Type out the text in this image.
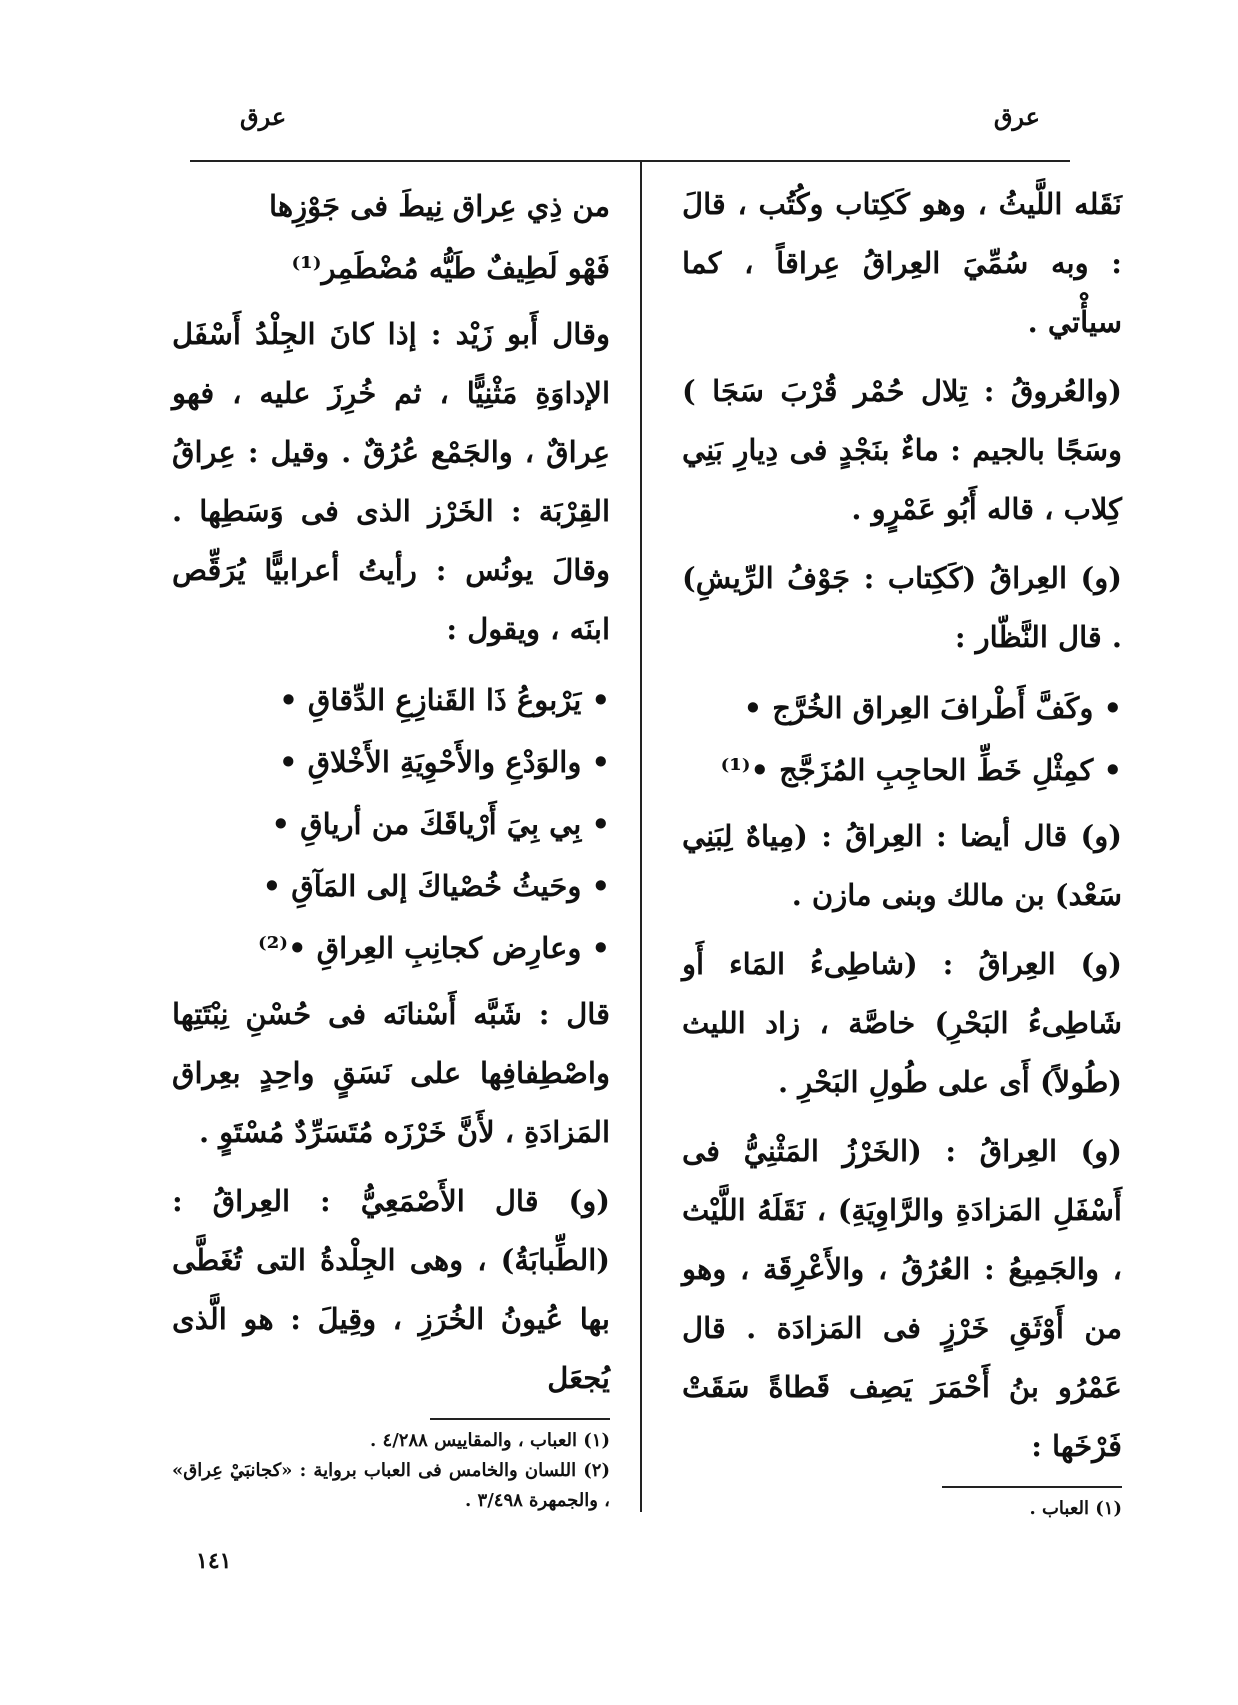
عرق
عرق

نَقَله اللَّيثُ ، وهو كَكِتاب وكُتُب ، قالَ : وبه سُمِّيَ العِراقُ عِراقاً ، كما سيأْتي .

(والعُروقُ : تِلال حُمْر قُرْبَ سَجَا ) وسَجًا بالجيم : ماءٌ بنَجْدٍ فى دِيارِ بَنِي كِلاب ، قاله أَبُو عَمْرٍو .

(و) العِراقُ (كَكِتاب : جَوْفُ الرِّيشِ) . قال النَّظّار :

• وكَفَّ أَطْرافَ العِراق الخُرَّج •
• كمِثْلِ خَطِّ الحاجِبِ المُزَجَّج •⁽¹⁾

(و) قال أيضا : العِراقُ : (مِياهٌ لِبَنِي سَعْد) بن مالك وبنى مازن .

(و) العِراقُ : (شاطِىءُ المَاء أَو شَاطِىءُ البَحْرِ) خاصَّة ، زاد الليث (طُولاً) أَى على طُولِ البَحْرِ .

(و) العِراقُ : (الخَرْزُ المَثْنِيُّ فى أَسْفَلِ المَزادَةِ والرَّاوِيَةِ) ، نَقَلَهُ اللَّيْث ، والجَمِيعُ : العُرُقُ ، والأَعْرِقَة ، وهو من أَوْثَقِ خَرْزٍ فى المَزادَة . قال عَمْرُو بنُ أَحْمَرَ يَصِف قَطاةً سَقَتْ فَرْخَها :

(١) العباب .

من ذِي عِراق نِيطَ فى جَوْزِها
فَهْو لَطِيفٌ طَيُّه مُضْطَمِر⁽¹⁾

وقال أَبو زَيْد : إذا كانَ الجِلْدُ أَسْفَل الإداوَةِ مَثْنِيًّا ، ثم خُرِزَ عليه ، فهو عِراقٌ ، والجَمْع عُرُقٌ . وقيل : عِراقُ القِرْبَة : الخَرْز الذى فى وَسَطِها . وقالَ يونُس : رأيتُ أعرابيًّا يُرَقِّص ابنَه ، ويقول :

• يَرْبوعُ ذَا القَنازِعِ الدِّقاقِ •
• والوَدْعِ والأَحْوِيَةِ الأَخْلاقِ •
• بِي بِيَ أَرْياقَكَ من أرياقِ •
• وحَيثُ خُصْياكَ إلى المَآقِ •
• وعارِض كجانِبِ العِراقِ •⁽²⁾

قال : شَبَّه أَسْنانَه فى حُسْنِ نِبْتَتِها واصْطِفافِها على نَسَقٍ واحِدٍ بعِراق المَزادَةِ ، لأَنَّ خَرْزَه مُتَسَرِّدٌ مُسْتَوٍ .

(و) قال الأَصْمَعِيُّ : العِراقُ : (الطِّبابَةُ) ، وهى الجِلْدةُ التى تُغَطَّى بها عُيونُ الخُرَزِ ، وقِيلَ : هو الَّذى يُجعَل

(١) العباب ، والمقاييس ٤/٢٨٨ .

(٢) اللسان والخامس فى العباب برواية : «كجانبَيْ عِراق» ، والجمهرة ٣/٤٩٨ .

١٤١
